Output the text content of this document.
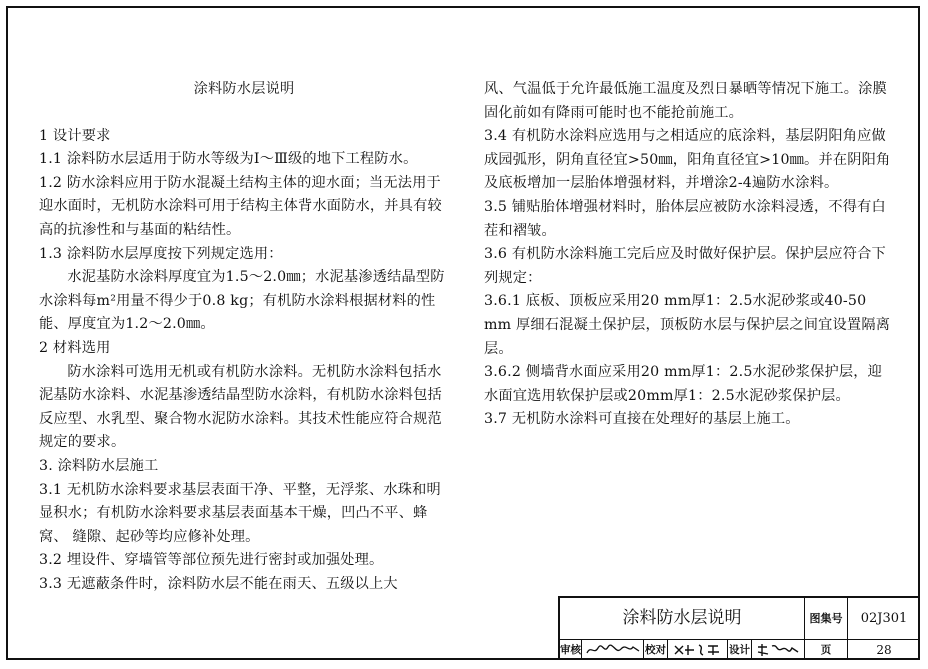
涂料防水层说明

1 设计要求

1.1 涂料防水层适用于防水等级为Ⅰ～Ⅲ级的地下工程防水。

1.2 防水涂料应用于防水混凝土结构主体的迎水面；当无法用于迎水面时，无机防水涂料可用于结构主体背水面防水，并具有较高的抗渗性和与基面的粘结性。

1.3 涂料防水层厚度按下列规定选用：

水泥基防水涂料厚度宜为1.5～2.0㎜；水泥基渗透结晶型防水涂料每m²用量不得少于0.8 kg；有机防水涂料根据材料的性能、厚度宜为1.2～2.0㎜。

2 材料选用

防水涂料可选用无机或有机防水涂料。无机防水涂料包括水泥基防水涂料、水泥基渗透结晶型防水涂料，有机防水涂料包括反应型、水乳型、聚合物水泥防水涂料。其技术性能应符合规范规定的要求。

3. 涂料防水层施工

3.1 无机防水涂料要求基层表面干净、平整，无浮浆、水珠和明显积水；有机防水涂料要求基层表面基本干燥，凹凸不平、蜂窝、 缝隙、起砂等均应修补处理。

3.2 埋设件、穿墙管等部位预先进行密封或加强处理。

3.3 无遮蔽条件时，涂料防水层不能在雨天、五级以上大

风、气温低于允许最低施工温度及烈日暴晒等情况下施工。涂膜固化前如有降雨可能时也不能抢前施工。

3.4 有机防水涂料应选用与之相适应的底涂料，基层阴阳角应做成园弧形，阴角直径宜>50㎜，阳角直径宜>10㎜。并在阴阳角及底板增加一层胎体增强材料，并增涂2-4遍防水涂料。

3.5 铺贴胎体增强材料时，胎体层应被防水涂料浸透，不得有白茬和褶皱。

3.6 有机防水涂料施工完后应及时做好保护层。保护层应符合下列规定：

3.6.1 底板、顶板应采用20 mm厚1：2.5水泥砂浆或40-50 mm 厚细石混凝土保护层，顶板防水层与保护层之间宜设置隔离层。

3.6.2 侧墙背水面应采用20 mm厚1：2.5水泥砂浆保护层，迎水面宜选用软保护层或20mm厚1：2.5水泥砂浆保护层。

3.7 无机防水涂料可直接在处理好的基层上施工。

涂料防水层说明	图集号	02J301
审核	校对	设计	页	28
